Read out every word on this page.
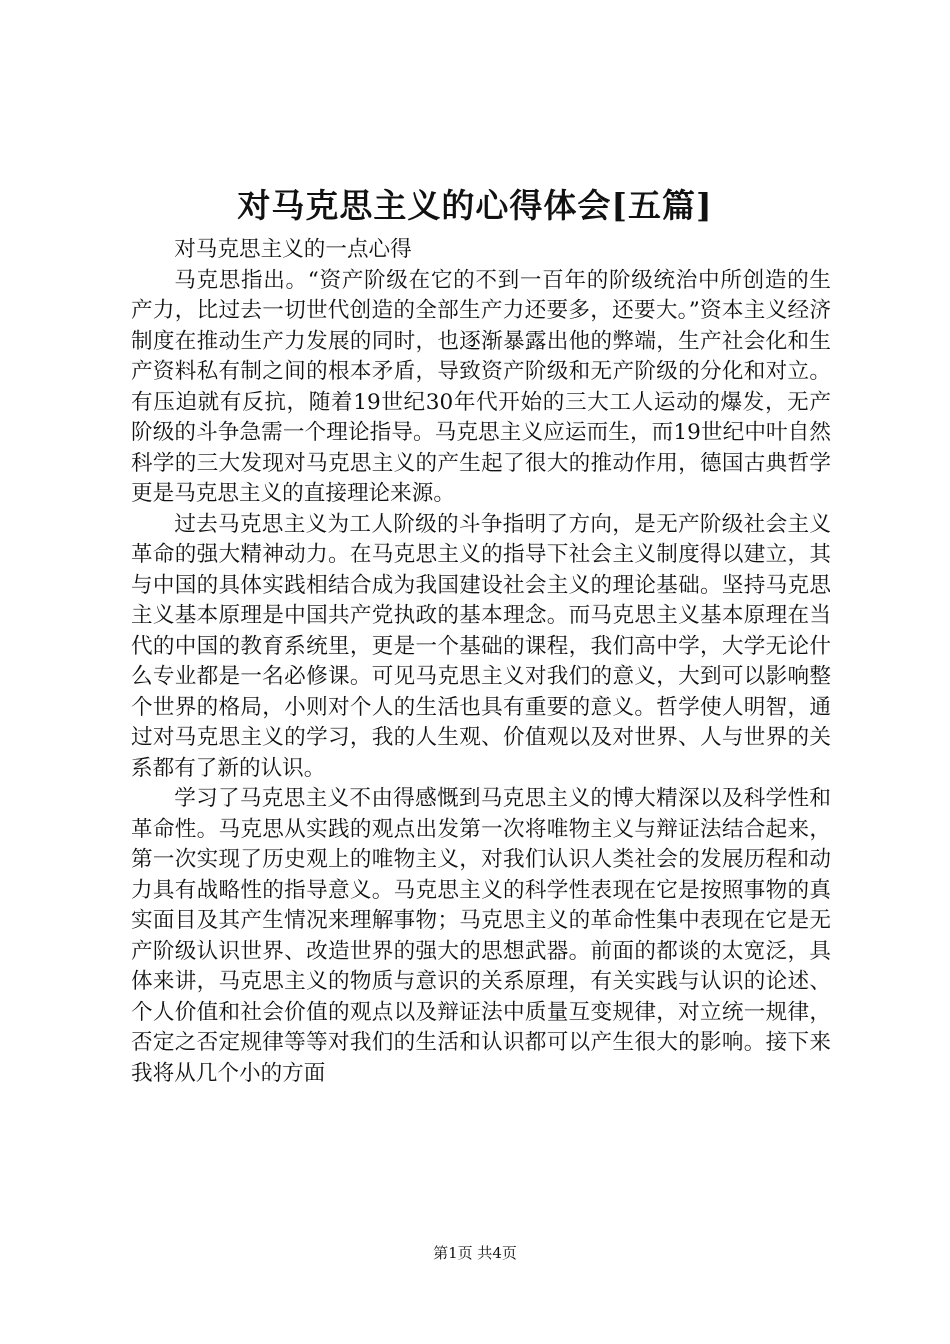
对马克思主义的心得体会[五篇]

对马克思主义的一点心得

马克思指出。“资产阶级在它的不到一百年的阶级统治中所创造的生产力，比过去一切世代创造的全部生产力还要多，还要大。”资本主义经济制度在推动生产力发展的同时，也逐渐暴露出他的弊端，生产社会化和生产资料私有制之间的根本矛盾，导致资产阶级和无产阶级的分化和对立。有压迫就有反抗，随着19世纪30年代开始的三大工人运动的爆发，无产阶级的斗争急需一个理论指导。马克思主义应运而生，而19世纪中叶自然科学的三大发现对马克思主义的产生起了很大的推动作用，德国古典哲学更是马克思主义的直接理论来源。

过去马克思主义为工人阶级的斗争指明了方向，是无产阶级社会主义革命的强大精神动力。在马克思主义的指导下社会主义制度得以建立，其与中国的具体实践相结合成为我国建设社会主义的理论基础。坚持马克思主义基本原理是中国共产党执政的基本理念。而马克思主义基本原理在当代的中国的教育系统里，更是一个基础的课程，我们高中学，大学无论什么专业都是一名必修课。可见马克思主义对我们的意义，大到可以影响整个世界的格局，小则对个人的生活也具有重要的意义。哲学使人明智，通过对马克思主义的学习，我的人生观、价值观以及对世界、人与世界的关系都有了新的认识。

学习了马克思主义不由得感慨到马克思主义的博大精深以及科学性和革命性。马克思从实践的观点出发第一次将唯物主义与辩证法结合起来，第一次实现了历史观上的唯物主义，对我们认识人类社会的发展历程和动力具有战略性的指导意义。马克思主义的科学性表现在它是按照事物的真实面目及其产生情况来理解事物；马克思主义的革命性集中表现在它是无产阶级认识世界、改造世界的强大的思想武器。前面的都谈的太宽泛，具体来讲，马克思主义的物质与意识的关系原理，有关实践与认识的论述、个人价值和社会价值的观点以及辩证法中质量互变规律，对立统一规律，否定之否定规律等等对我们的生活和认识都可以产生很大的影响。接下来我将从几个小的方面

第1页 共4页
